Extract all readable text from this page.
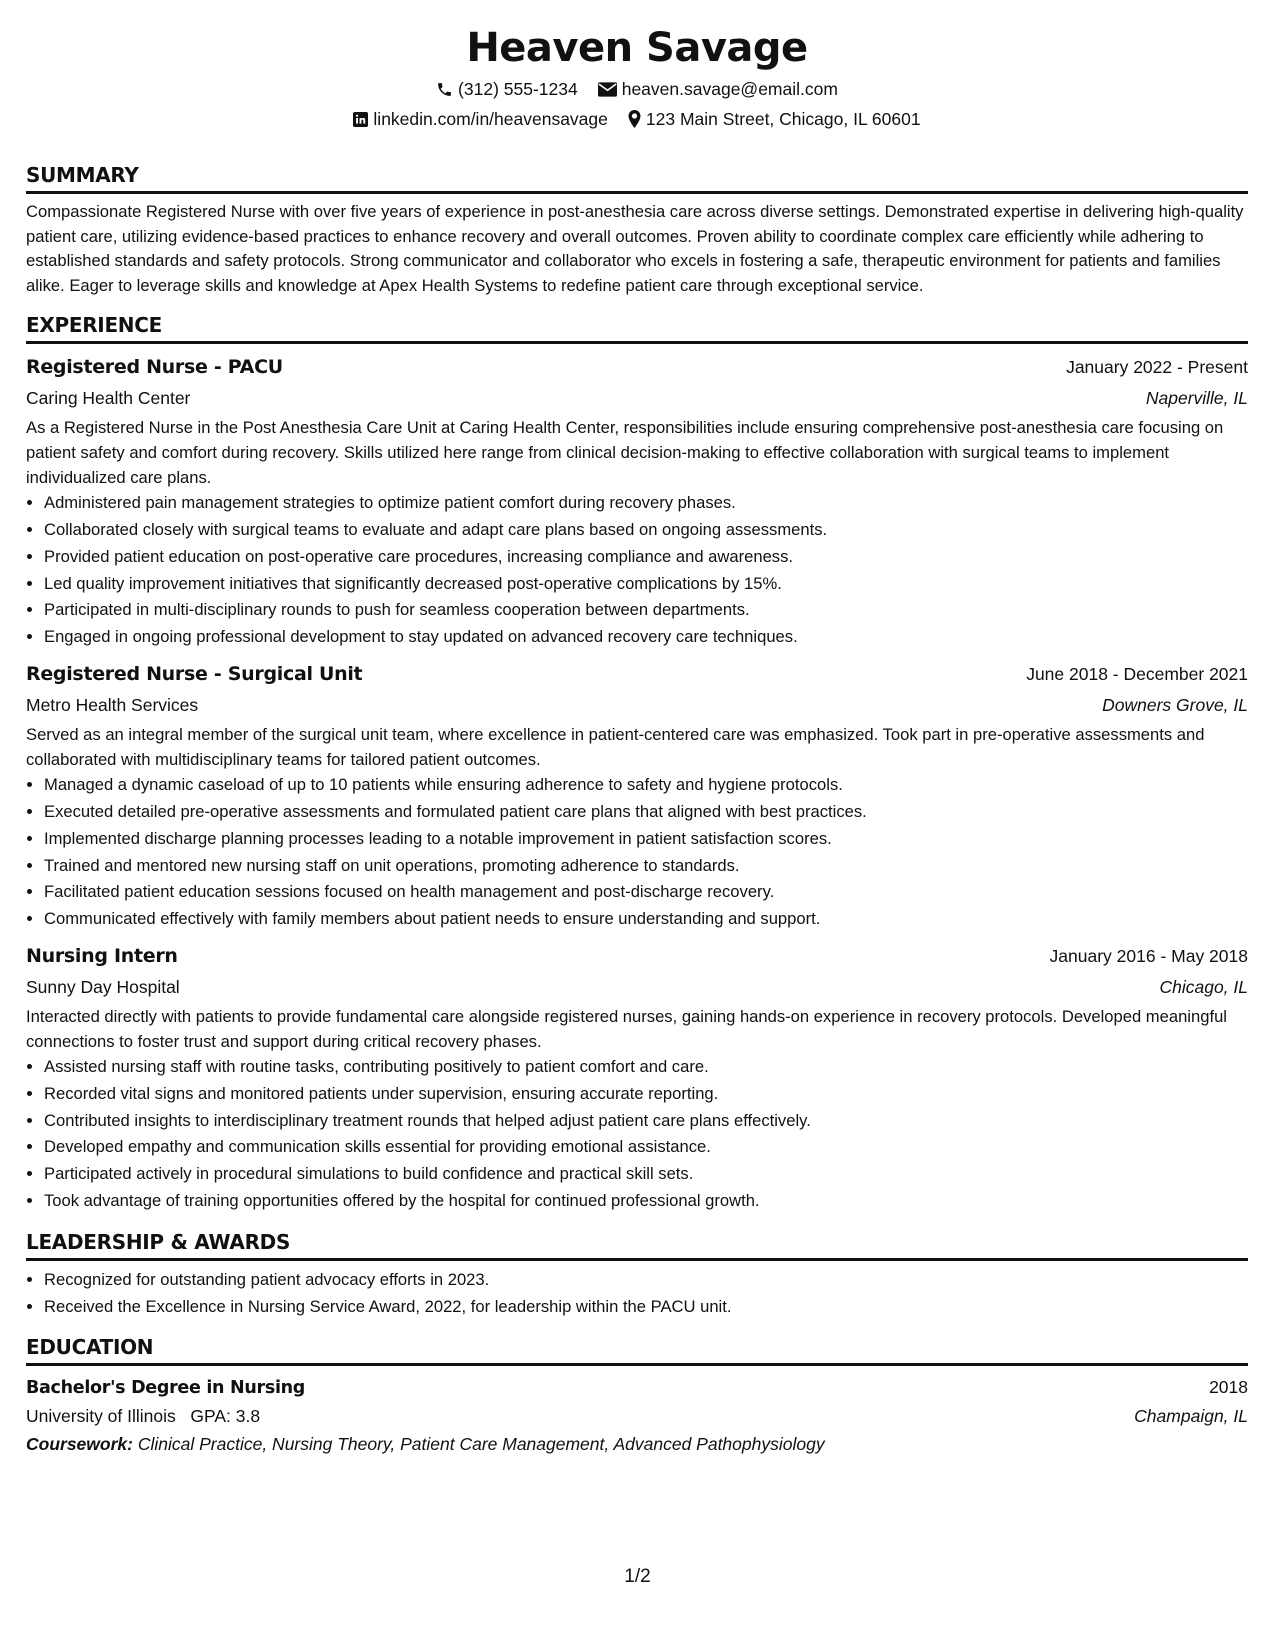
Heaven Savage
(312) 555-1234	heaven.savage@email.com
linkedin.com/in/heavensavage 123 Main Street, Chicago, IL 60601
SUMMARY
Compassionate Registered Nurse with over five years of experience in post-anesthesia care across diverse settings. Demonstrated expertise in delivering high-quality patient care, utilizing evidence-based practices to enhance recovery and overall outcomes. Proven ability to coordinate complex care efficiently while adhering to established standards and safety protocols. Strong communicator and collaborator who excels in fostering a safe, therapeutic environment for patients and families alike. Eager to leverage skills and knowledge at Apex Health Systems to redefine patient care through exceptional service.
EXPERIENCE
Registered Nurse - PACU	January 2022 - Present
Caring Health Center	Naperville, IL
As a Registered Nurse in the Post Anesthesia Care Unit at Caring Health Center, responsibilities include ensuring comprehensive post-anesthesia care focusing on patient safety and comfort during recovery. Skills utilized here range from clinical decision-making to effective collaboration with surgical teams to implement individualized care plans.
• Administered pain management strategies to optimize patient comfort during recovery phases.
• Collaborated closely with surgical teams to evaluate and adapt care plans based on ongoing assessments.
• Provided patient education on post-operative care procedures, increasing compliance and awareness.
• Led quality improvement initiatives that significantly decreased post-operative complications by 15%.
• Participated in multi-disciplinary rounds to push for seamless cooperation between departments.
• Engaged in ongoing professional development to stay updated on advanced recovery care techniques.
Registered Nurse - Surgical Unit	June 2018 - December 2021
Metro Health Services	Downers Grove, IL
Served as an integral member of the surgical unit team, where excellence in patient-centered care was emphasized. Took part in pre-operative assessments and collaborated with multidisciplinary teams for tailored patient outcomes.
• Managed a dynamic caseload of up to 10 patients while ensuring adherence to safety and hygiene protocols.
• Executed detailed pre-operative assessments and formulated patient care plans that aligned with best practices.
• Implemented discharge planning processes leading to a notable improvement in patient satisfaction scores.
• Trained and mentored new nursing staff on unit operations, promoting adherence to standards.
• Facilitated patient education sessions focused on health management and post-discharge recovery.
• Communicated effectively with family members about patient needs to ensure understanding and support.
Nursing Intern	January 2016 - May 2018
Sunny Day Hospital	Chicago, IL
Interacted directly with patients to provide fundamental care alongside registered nurses, gaining hands-on experience in recovery protocols. Developed meaningful connections to foster trust and support during critical recovery phases.
• Assisted nursing staff with routine tasks, contributing positively to patient comfort and care.
• Recorded vital signs and monitored patients under supervision, ensuring accurate reporting.
• Contributed insights to interdisciplinary treatment rounds that helped adjust patient care plans effectively.
• Developed empathy and communication skills essential for providing emotional assistance.
• Participated actively in procedural simulations to build confidence and practical skill sets.
• Took advantage of training opportunities offered by the hospital for continued professional growth.
LEADERSHIP & AWARDS
• Recognized for outstanding patient advocacy efforts in 2023.
• Received the Excellence in Nursing Service Award, 2022, for leadership within the PACU unit.
EDUCATION
Bachelor's Degree in Nursing	2018
University of Illinois GPA: 3.8	Champaign, IL
Coursework: Clinical Practice, Nursing Theory, Patient Care Management, Advanced Pathophysiology
1/2
